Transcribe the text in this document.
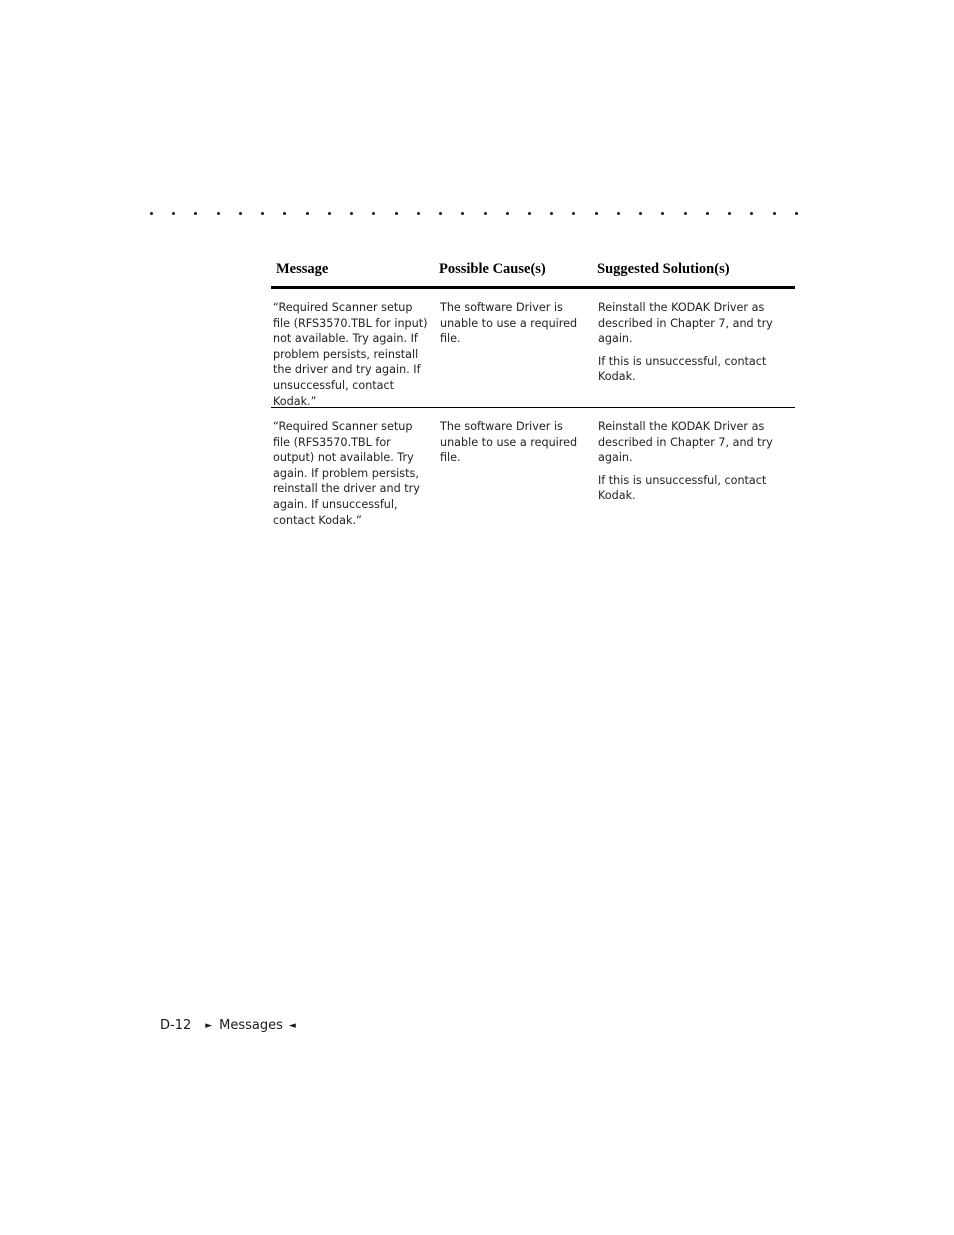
Message	Possible Cause(s)	Suggested Solution(s)
“Required Scanner setup file (RFS3570.TBL for input) not available. Try again. If problem persists, reinstall the driver and try again. If unsuccessful, contact Kodak.”
The software Driver is unable to use a required file.

Reinstall the KODAK Driver as described in Chapter 7, and try again.

If this is unsuccessful, contact Kodak.

“Required Scanner setup file (RFS3570.TBL for output) not available. Try again. If problem persists, reinstall the driver and try again. If unsuccessful, contact Kodak.”
The software Driver is unable to use a required file.

Reinstall the KODAK Driver as described in Chapter 7, and try again.

If this is unsuccessful, contact Kodak.

D-12 ► Messages ◄
